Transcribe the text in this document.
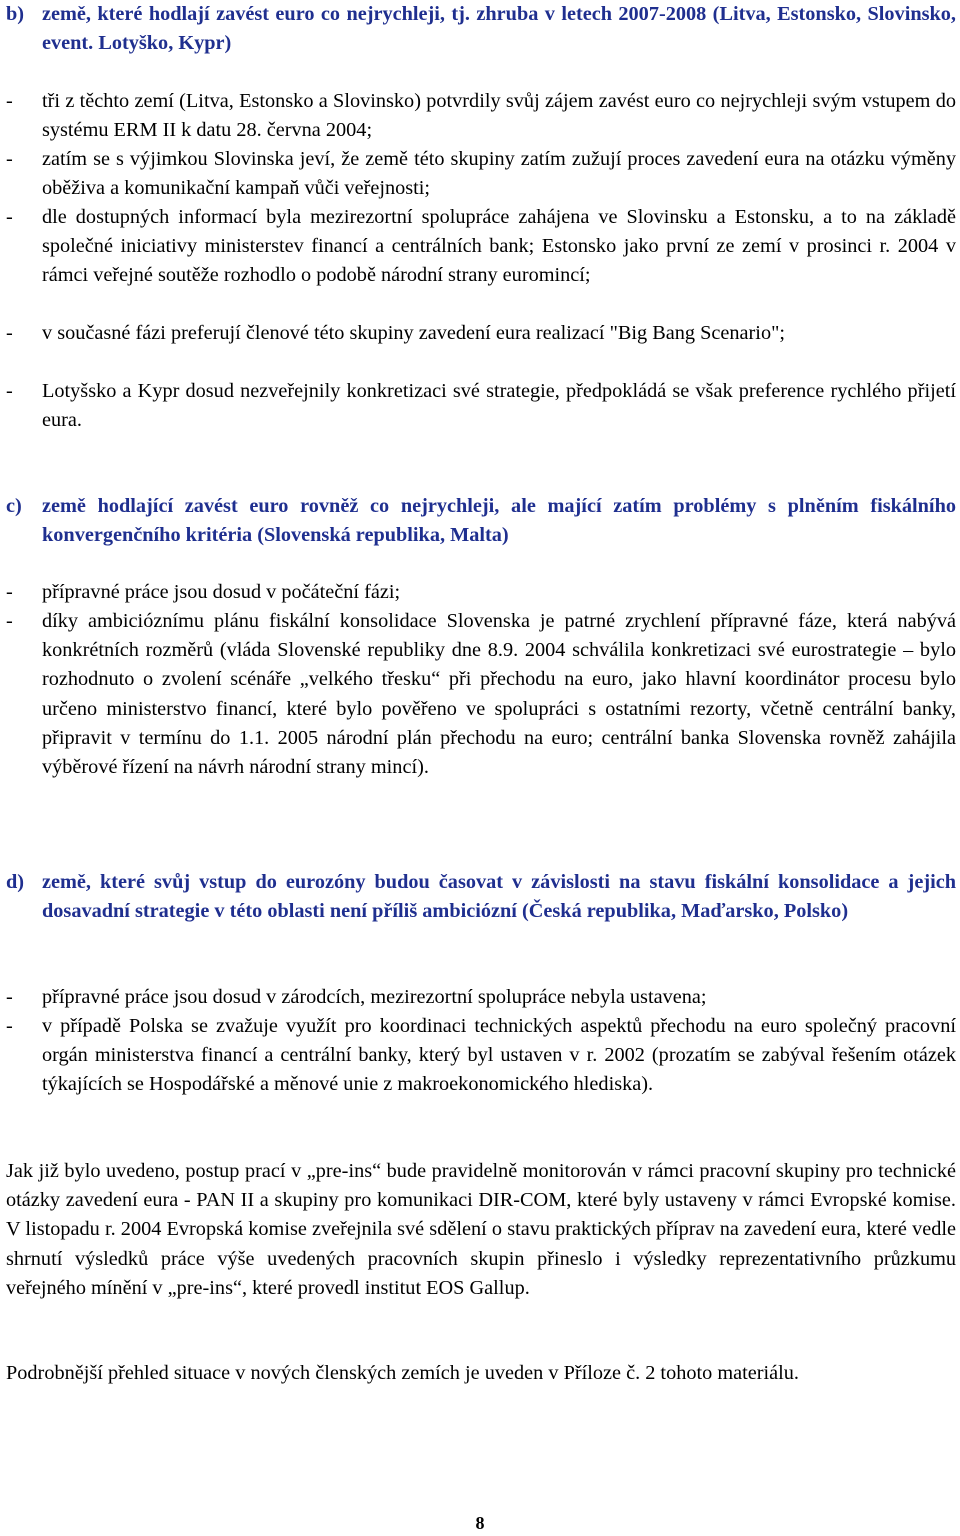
b) země, které hodlají zavést euro co nejrychleji, tj. zhruba v letech 2007-2008 (Litva, Estonsko, Slovinsko, event. Lotyško, Kypr)
- tři z těchto zemí (Litva, Estonsko a Slovinsko) potvrdily svůj zájem zavést euro co nejrychleji svým vstupem do systému ERM II k datu 28. června 2004;
- zatím se s výjimkou Slovinska jeví, že země této skupiny zatím zužují proces zavedení eura na otázku výměny oběživa a komunikační kampaň vůči veřejnosti;
- dle dostupných informací byla mezirezortní spolupráce zahájena ve Slovinsku a Estonsku, a to na základě společné iniciativy ministerstev financí a centrálních bank; Estonsko jako první ze zemí v prosinci r. 2004 v rámci veřejné soutěže rozhodlo o podobě národní strany euromincí;
- v současné fázi preferují členové této skupiny zavedení eura realizací "Big Bang Scenario";
- Lotyšsko a Kypr dosud nezveřejnily konkretizaci své strategie, předpokládá se však preference rychlého přijetí eura.
c) země hodlající zavést euro rovněž co nejrychleji, ale mající zatím problémy s plněním fiskálního konvergenčního kritéria (Slovenská republika, Malta)
- přípravné práce jsou dosud v počáteční fázi;
- díky ambicióznímu plánu fiskální konsolidace Slovenska je patrné zrychlení přípravné fáze, která nabývá konkrétních rozměrů (vláda Slovenské republiky dne 8.9. 2004 schválila konkretizaci své eurostrategie – bylo rozhodnuto o zvolení scénáře „velkého třesku“ při přechodu na euro, jako hlavní koordinátor procesu bylo určeno ministerstvo financí, které bylo pověřeno ve spolupráci s ostatními rezorty, včetně centrální banky, připravit v termínu do 1.1. 2005 národní plán přechodu na euro; centrální banka Slovenska rovněž zahájila výběrové řízení na návrh národní strany mincí).
d) země, které svůj vstup do eurozóny budou časovat v závislosti na stavu fiskální konsolidace a jejich dosavadní strategie v této oblasti není příliš ambiciózní (Česká republika, Maďarsko, Polsko)
- přípravné práce jsou dosud v zárodcích, mezirezortní spolupráce nebyla ustavena;
- v případě Polska se zvažuje využít pro koordinaci technických aspektů přechodu na euro společný pracovní orgán ministerstva financí a centrální banky, který byl ustaven v r. 2002 (prozatím se zabýval řešením otázek týkajících se Hospodářské a měnové unie z makroekonomického hlediska).
Jak již bylo uvedeno, postup prací v „pre-ins“ bude pravidelně monitorován v rámci pracovní skupiny pro technické otázky zavedení eura - PAN II a skupiny pro komunikaci DIR-COM, které byly ustaveny v rámci Evropské komise. V listopadu r. 2004 Evropská komise zveřejnila své sdělení o stavu praktických příprav na zavedení eura, které vedle shrnutí výsledků práce výše uvedených pracovních skupin přineslo i výsledky reprezentativního průzkumu veřejného mínění v „pre-ins“, které provedl institut EOS Gallup.
Podrobnější přehled situace v nových členských zemích je uveden v Příloze č. 2 tohoto materiálu.
8
